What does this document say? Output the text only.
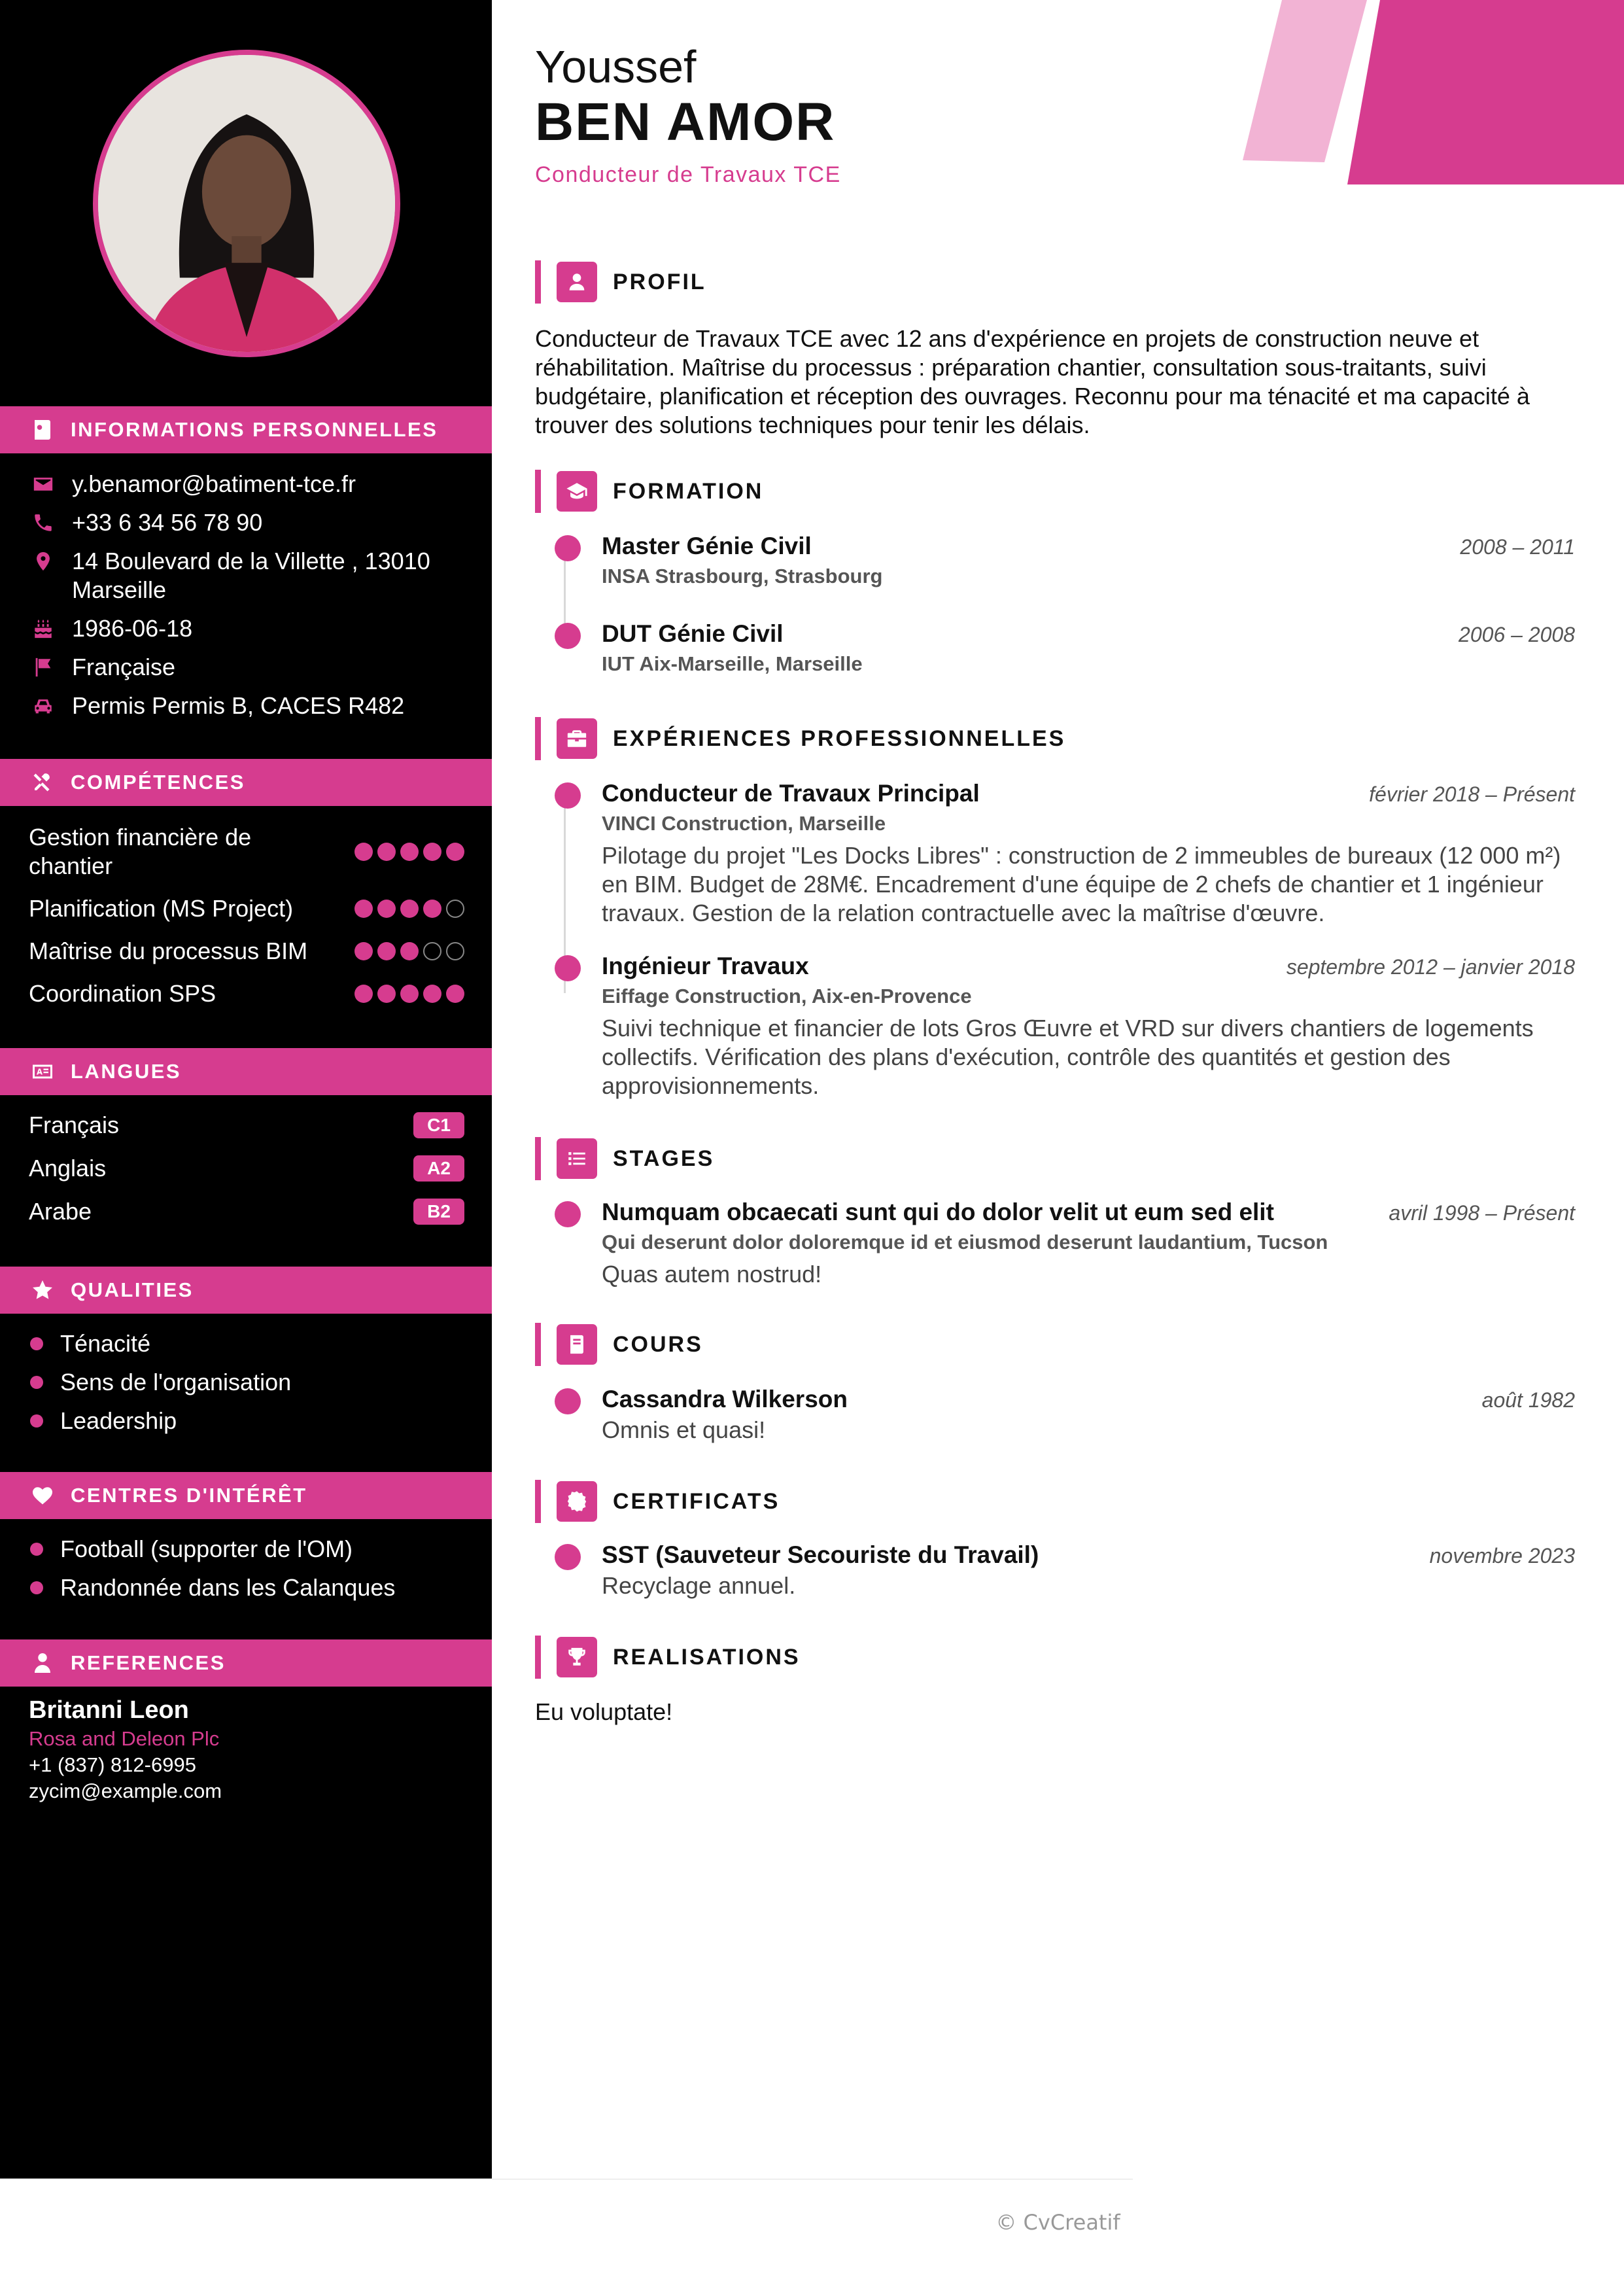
INFORMATIONS PERSONNELLES
y.benamor@batiment-tce.fr
+33 6 34 56 78 90
14 Boulevard de la Villette , 13010 Marseille
1986-06-18
Française
Permis Permis B, CACES R482
COMPÉTENCES
Gestion financière de chantier
Planification (MS Project)
Maîtrise du processus BIM
Coordination SPS
LANGUES
Français	C1
Anglais	A2
Arabe	B2
QUALITIES
Ténacité
Sens de l'organisation
Leadership
CENTRES D'INTÉRÊT
Football (supporter de l'OM)
Randonnée dans les Calanques
REFERENCES
Britanni Leon
Rosa and Deleon Plc
+1 (837) 812-6995
zycim@example.com
Youssef
BEN AMOR
Conducteur de Travaux TCE
PROFIL
Conducteur de Travaux TCE avec 12 ans d'expérience en projets de construction neuve et réhabilitation. Maîtrise du processus : préparation chantier, consultation sous-traitants, suivi budgétaire, planification et réception des ouvrages. Reconnu pour ma ténacité et ma capacité à trouver des solutions techniques pour tenir les délais.
FORMATION
Master Génie Civil	2008 – 2011
INSA Strasbourg, Strasbourg
DUT Génie Civil	2006 – 2008
IUT Aix-Marseille, Marseille
EXPÉRIENCES PROFESSIONNELLES
Conducteur de Travaux Principal	février 2018 – Présent
VINCI Construction, Marseille
Pilotage du projet "Les Docks Libres" : construction de 2 immeubles de bureaux (12 000 m²) en BIM. Budget de 28M€. Encadrement d'une équipe de 2 chefs de chantier et 1 ingénieur travaux. Gestion de la relation contractuelle avec la maîtrise d'œuvre.
Ingénieur Travaux	septembre 2012 – janvier 2018
Eiffage Construction, Aix-en-Provence
Suivi technique et financier de lots Gros Œuvre et VRD sur divers chantiers de logements collectifs. Vérification des plans d'exécution, contrôle des quantités et gestion des approvisionnements.
STAGES
Numquam obcaecati sunt qui do dolor velit ut eum sed elit	avril 1998 – Présent
Qui deserunt dolor doloremque id et eiusmod deserunt laudantium, Tucson
Quas autem nostrud!
COURS
Cassandra Wilkerson	août 1982
Omnis et quasi!
CERTIFICATS
SST (Sauveteur Secouriste du Travail)	novembre 2023
Recyclage annuel.
REALISATIONS
Eu voluptate!
© CvCreatif
